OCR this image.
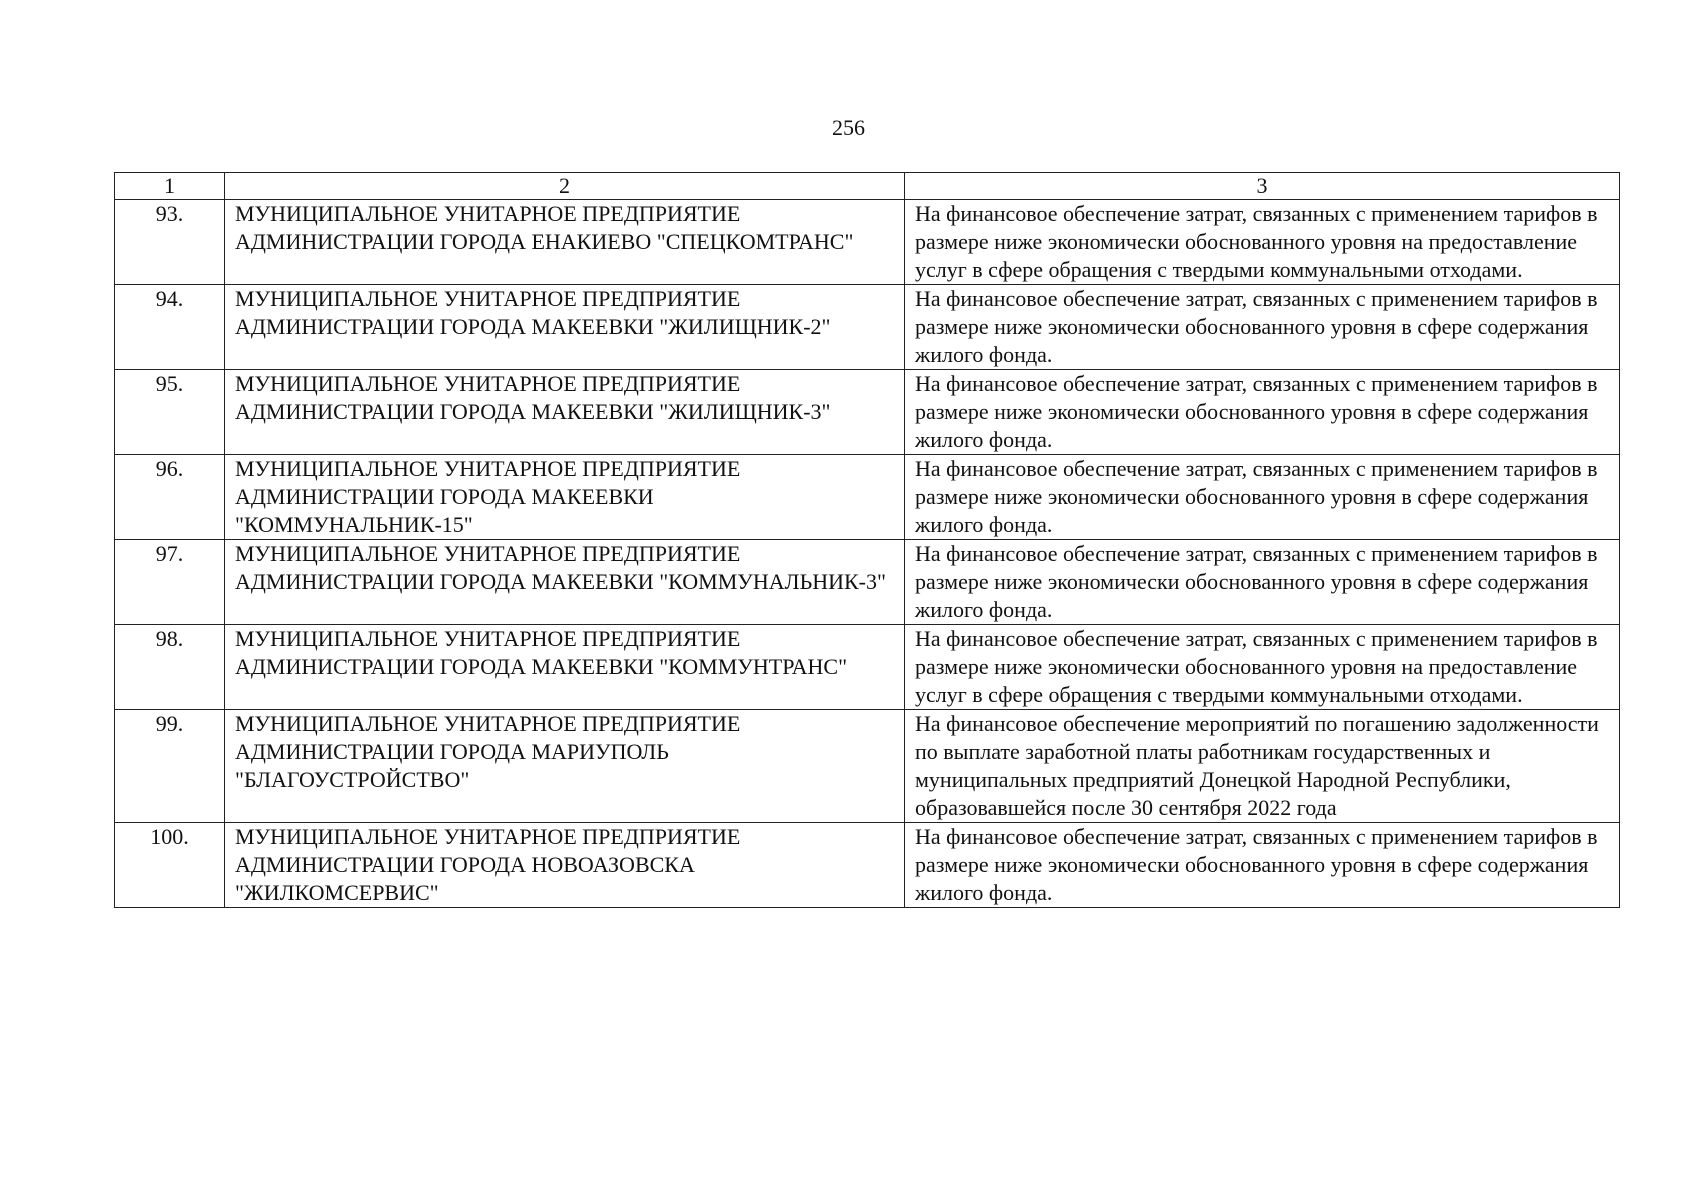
256
1	2	3
93.	МУНИЦИПАЛЬНОЕ УНИТАРНОЕ ПРЕДПРИЯТИЕ АДМИНИСТРАЦИИ ГОРОДА ЕНАКИЕВО "СПЕЦКОМТРАНС"	На финансовое обеспечение затрат, связанных с применением тарифов в размере ниже экономически обоснованного уровня на предоставление услуг в сфере обращения с твердыми коммунальными отходами.
94.	МУНИЦИПАЛЬНОЕ УНИТАРНОЕ ПРЕДПРИЯТИЕ АДМИНИСТРАЦИИ ГОРОДА МАКЕЕВКИ "ЖИЛИЩНИК-2"	На финансовое обеспечение затрат, связанных с применением тарифов в размере ниже экономически обоснованного уровня в сфере содержания жилого фонда.
95.	МУНИЦИПАЛЬНОЕ УНИТАРНОЕ ПРЕДПРИЯТИЕ АДМИНИСТРАЦИИ ГОРОДА МАКЕЕВКИ "ЖИЛИЩНИК-3"	На финансовое обеспечение затрат, связанных с применением тарифов в размере ниже экономически обоснованного уровня в сфере содержания жилого фонда.
96.	МУНИЦИПАЛЬНОЕ УНИТАРНОЕ ПРЕДПРИЯТИЕ АДМИНИСТРАЦИИ ГОРОДА МАКЕЕВКИ "КОММУНАЛЬНИК-15"	На финансовое обеспечение затрат, связанных с применением тарифов в размере ниже экономически обоснованного уровня в сфере содержания жилого фонда.
97.	МУНИЦИПАЛЬНОЕ УНИТАРНОЕ ПРЕДПРИЯТИЕ АДМИНИСТРАЦИИ ГОРОДА МАКЕЕВКИ "КОММУНАЛЬНИК-3"	На финансовое обеспечение затрат, связанных с применением тарифов в размере ниже экономически обоснованного уровня в сфере содержания жилого фонда.
98.	МУНИЦИПАЛЬНОЕ УНИТАРНОЕ ПРЕДПРИЯТИЕ АДМИНИСТРАЦИИ ГОРОДА МАКЕЕВКИ "КОММУНТРАНС"	На финансовое обеспечение затрат, связанных с применением тарифов в размере ниже экономически обоснованного уровня на предоставление услуг в сфере обращения с твердыми коммунальными отходами.
99.	МУНИЦИПАЛЬНОЕ УНИТАРНОЕ ПРЕДПРИЯТИЕ АДМИНИСТРАЦИИ ГОРОДА МАРИУПОЛЬ "БЛАГОУСТРОЙСТВО"	На финансовое обеспечение мероприятий по погашению задолженности по выплате заработной платы работникам государственных и муниципальных предприятий Донецкой Народной Республики, образовавшейся после 30 сентября 2022 года
100.	МУНИЦИПАЛЬНОЕ УНИТАРНОЕ ПРЕДПРИЯТИЕ АДМИНИСТРАЦИИ ГОРОДА НОВОАЗОВСКА "ЖИЛКОМСЕРВИС"	На финансовое обеспечение затрат, связанных с применением тарифов в размере ниже экономически обоснованного уровня в сфере содержания жилого фонда.
